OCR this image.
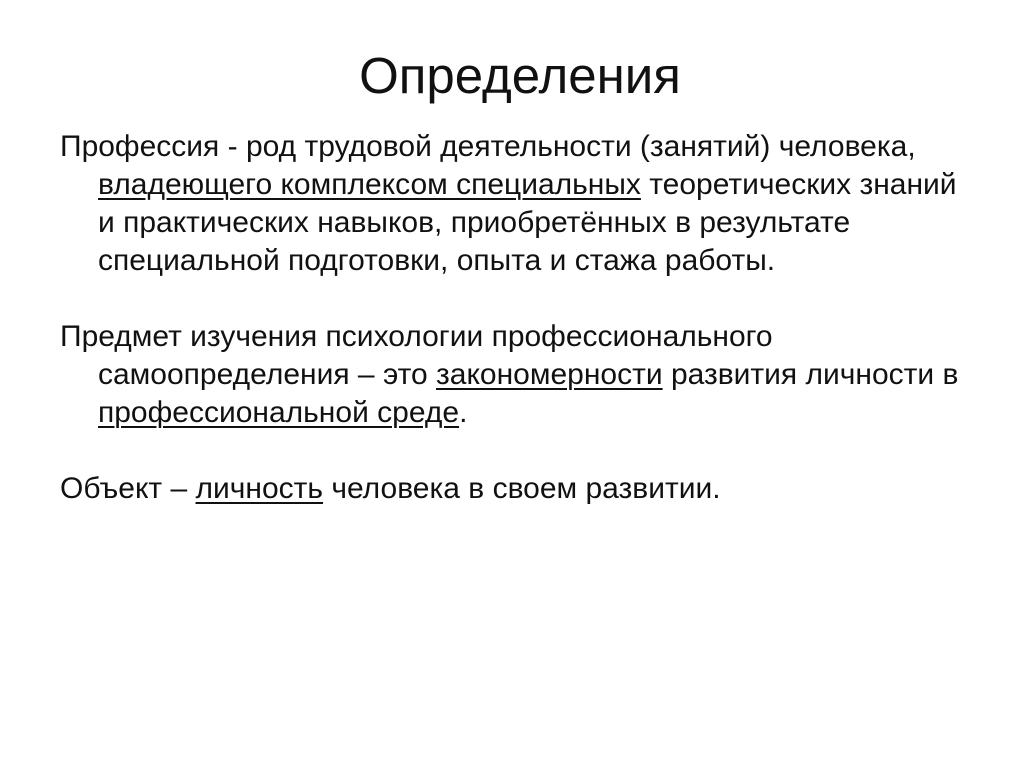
Определения

Профессия - род трудовой деятельности (занятий) человека, владеющего комплексом специальных теоретических знаний и практических навыков, приобретённых в результате специальной подготовки, опыта и стажа работы.

Предмет изучения психологии профессионального самоопределения – это закономерности развития личности в профессиональной среде.

Объект – личность человека в своем развитии.
